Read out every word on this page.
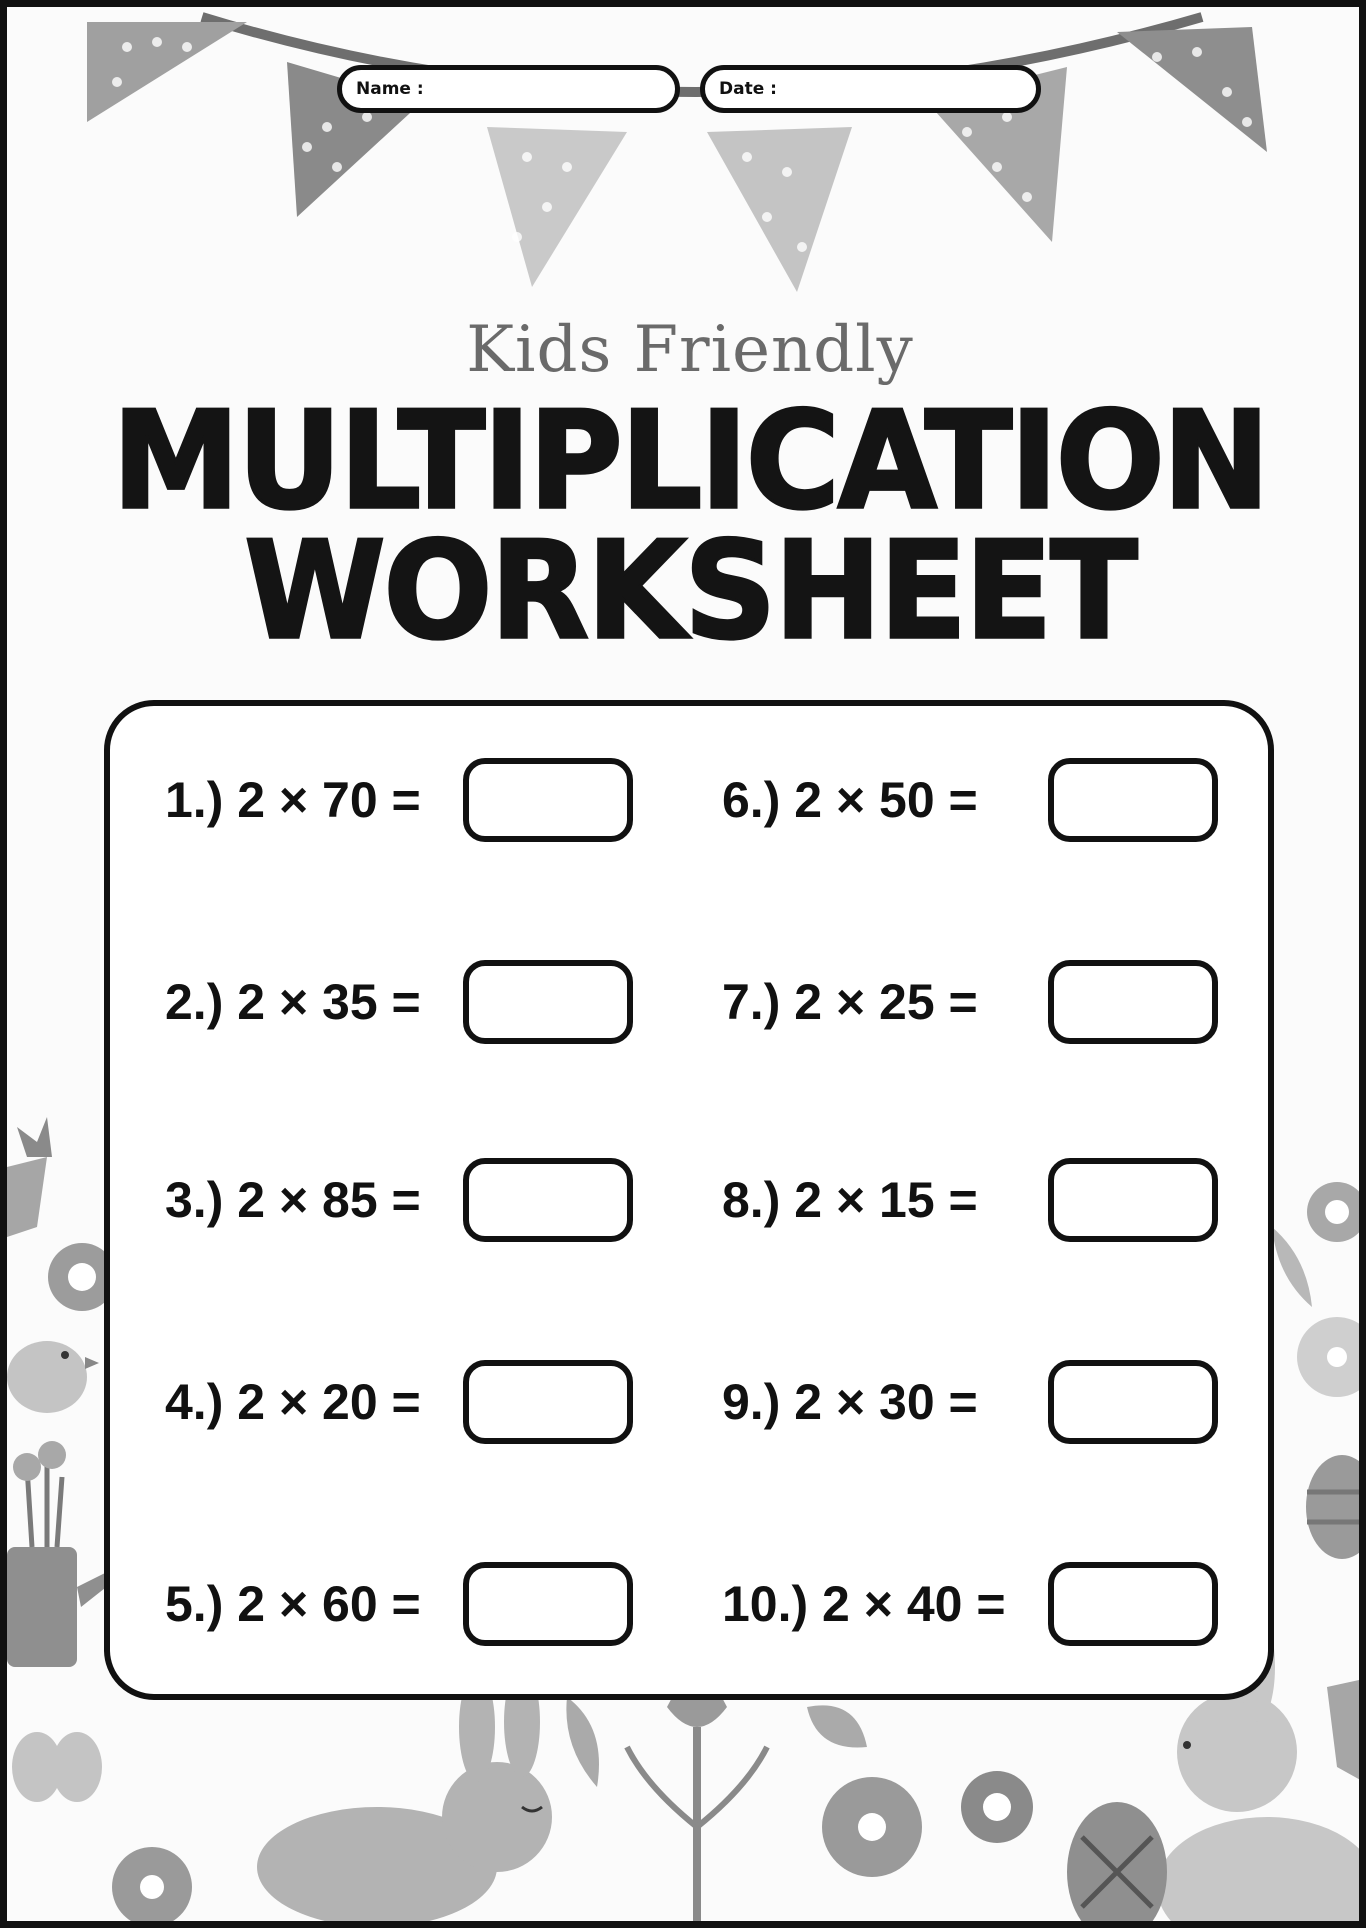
Name :	Date :
Kids Friendly
MULTIPLICATION
WORKSHEET
1.) 2 × 70 =
2.) 2 × 35 =
3.) 2 × 85 =
4.) 2 × 20 =
5.) 2 × 60 =
6.) 2 × 50 =
7.) 2 × 25 =
8.) 2 × 15 =
9.) 2 × 30 =
10.) 2 × 40 =
